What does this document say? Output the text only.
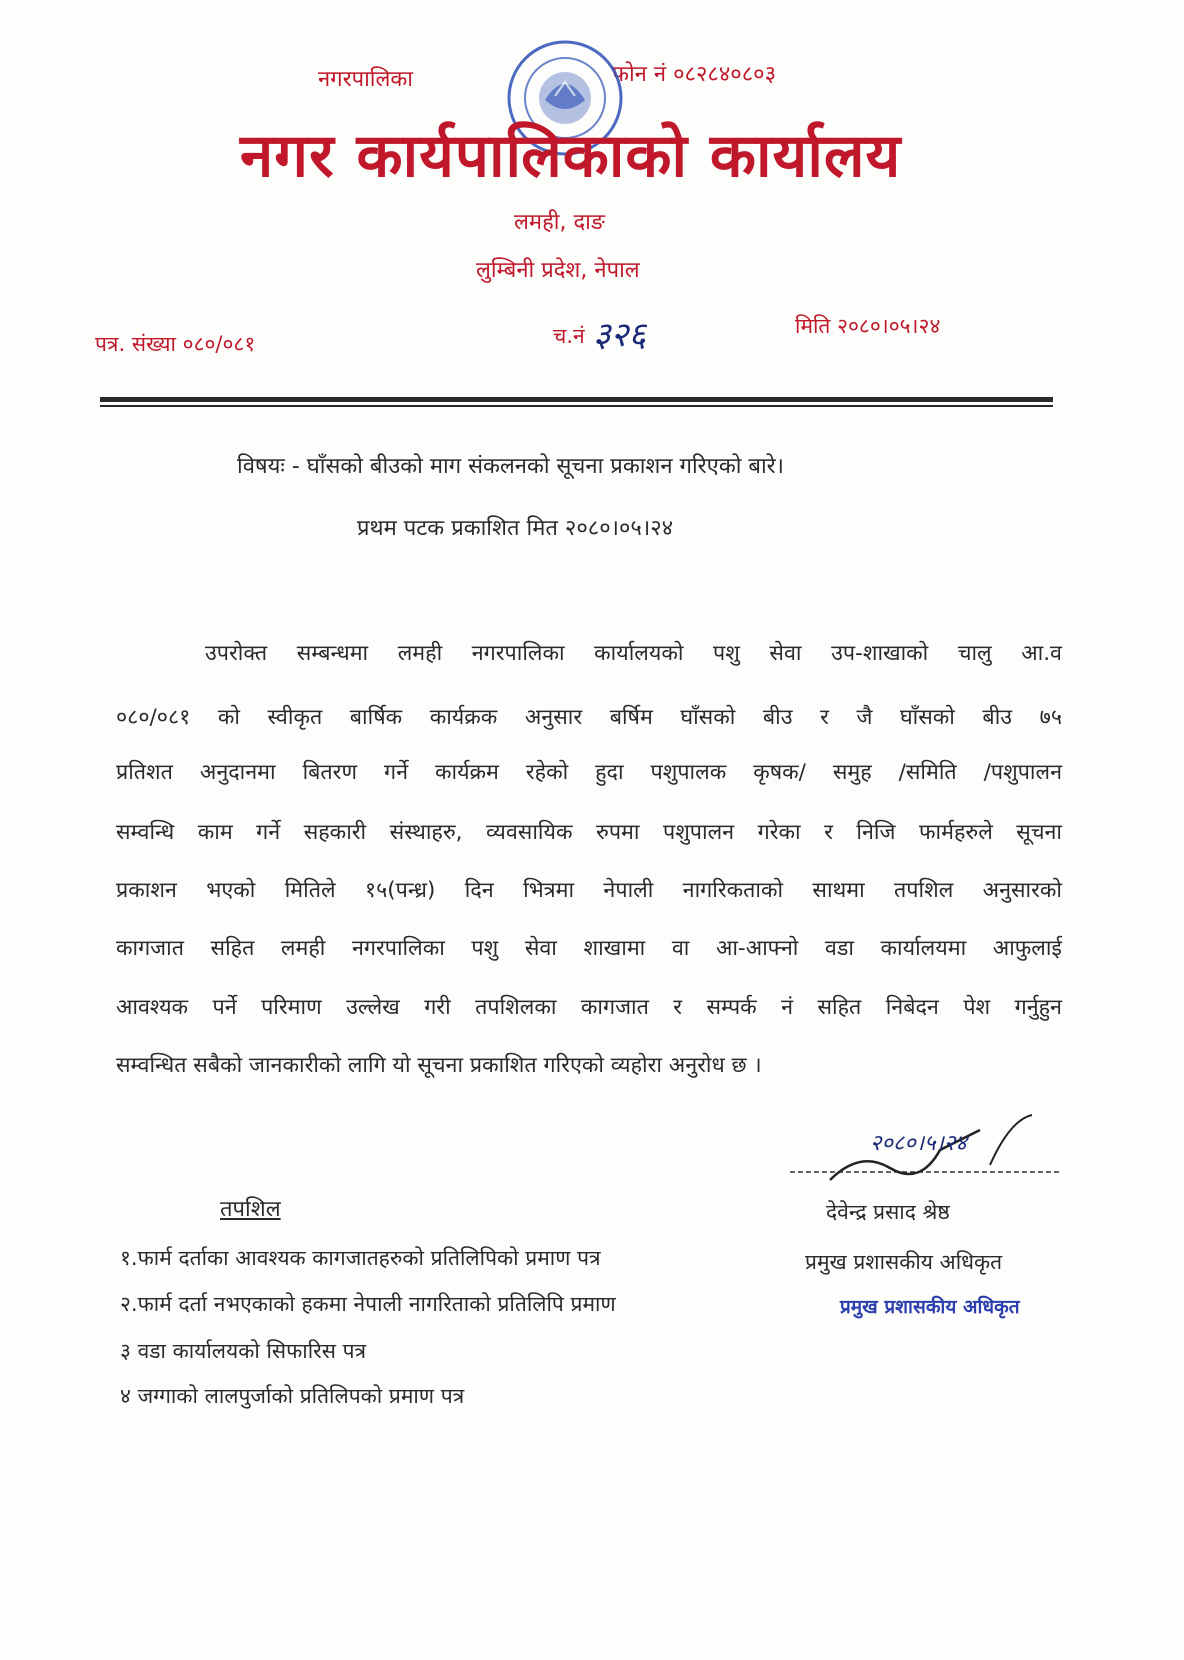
नगरपालिका	फोन नं ०८२८४०८०३
नगर कार्यपालिकाको कार्यालय
लमही, दाङ
लुम्बिनी प्रदेश, नेपाल
पत्र. संख्या ०८०/०८१	च.नं ३२६	मिति २०८०।०५।२४
विषयः - घाँसको बीउको माग संकलनको सूचना प्रकाशन गरिएको बारे।
प्रथम पटक प्रकाशित मित २०८०।०५।२४
उपरोक्त सम्बन्धमा लमही नगरपालिका कार्यालयको पशु सेवा उप-शाखाको चालु आ.व
०८०/०८१ को स्वीकृत बार्षिक कार्यक्रक अनुसार बर्षिम घाँसको बीउ र जै घाँसको बीउ ७५
प्रतिशत अनुदानमा बितरण गर्ने कार्यक्रम रहेको हुदा पशुपालक कृषक/ समुह /समिति /पशुपालन
सम्वन्धि काम गर्ने सहकारी संस्थाहरु, व्यवसायिक रुपमा पशुपालन गरेका र निजि फार्महरुले सूचना
प्रकाशन भएको मितिले १५(पन्ध्र) दिन भित्रमा नेपाली नागरिकताको साथमा तपशिल अनुसारको
कागजात सहित लमही नगरपालिका पशु सेवा शाखामा वा आ-आफ्नो वडा कार्यालयमा आफुलाई
आवश्यक पर्ने परिमाण उल्लेख गरी तपशिलका कागजात र सम्पर्क नं सहित निबेदन पेश गर्नुहुन
सम्वन्धित सबैको जानकारीको लागि यो सूचना प्रकाशित गरिएको व्यहोरा अनुरोध छ ।
२०८०।५।२४
देवेन्द्र प्रसाद श्रेष्ठ
प्रमुख प्रशासकीय अधिकृत
प्रमुख प्रशासकीय अधिकृत
तपशिल
१.फार्म दर्ताका आवश्यक कागजातहरुको प्रतिलिपिको प्रमाण पत्र
२.फार्म दर्ता नभएकाको हकमा नेपाली नागरिताको प्रतिलिपि प्रमाण
३ वडा कार्यालयको सिफारिस पत्र
४ जग्गाको लालपुर्जाको प्रतिलिपको प्रमाण पत्र
